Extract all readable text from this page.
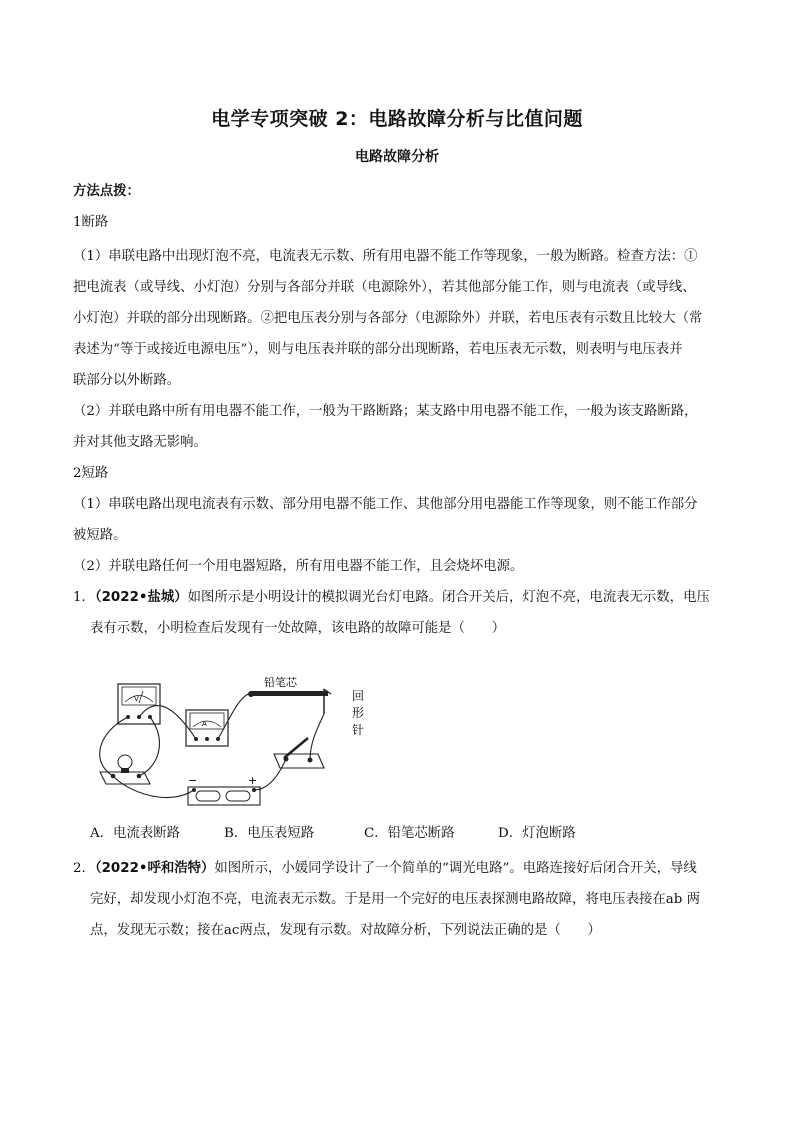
电学专项突破 2：电路故障分析与比值问题
电路故障分析
方法点拨：
1断路
（1）串联电路中出现灯泡不亮，电流表无示数、所有用电器不能工作等现象，一般为断路。检查方法：①
把电流表（或导线、小灯泡）分别与各部分并联（电源除外），若其他部分能工作，则与电流表（或导线、
小灯泡）并联的部分出现断路。②把电压表分别与各部分（电源除外）并联，若电压表有示数且比较大（常
表述为“等于或接近电源电压”），则与电压表并联的部分出现断路，若电压表无示数，则表明与电压表并
联部分以外断路。
（2）并联电路中所有用电器不能工作，一般为干路断路；某支路中用电器不能工作，一般为该支路断路，
并对其他支路无影响。
2短路
（1）串联电路出现电流表有示数、部分用电器不能工作、其他部分用电器能工作等现象，则不能工作部分
被短路。
（2）并联电路任何一个用电器短路，所有用电器不能工作，且会烧坏电源。
1．（2022•盐城）如图所示是小明设计的模拟调光台灯电路。闭合开关后，灯泡不亮，电流表无示数，电压
表有示数，小明检查后发现有一处故障，该电路的故障可能是（　　）
V
A
铅笔芯
回
形
针
−	+
A．电流表断路	B．电压表短路	C．铅笔芯断路	D．灯泡断路
2．（2022•呼和浩特）如图所示，小媛同学设计了一个简单的“调光电路”。电路连接好后闭合开关，导线
完好，却发现小灯泡不亮，电流表无示数。于是用一个完好的电压表探测电路故障，将电压表接在ab 两
点，发现无示数；接在ac两点，发现有示数。对故障分析，下列说法正确的是（　　）
